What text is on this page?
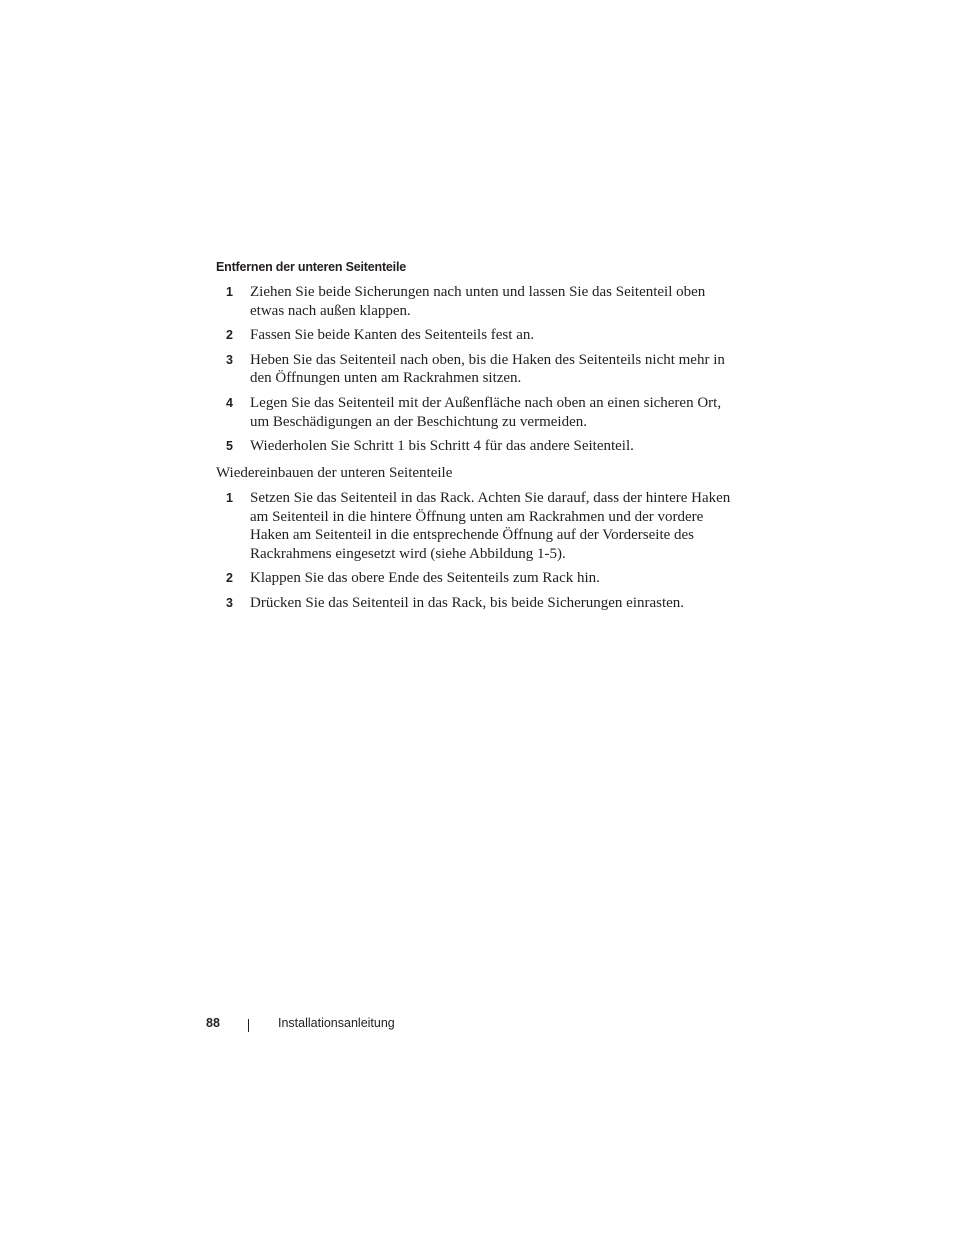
Entfernen der unteren Seitenteile
1 Ziehen Sie beide Sicherungen nach unten und lassen Sie das Seitenteil oben etwas nach außen klappen.
2 Fassen Sie beide Kanten des Seitenteils fest an.
3 Heben Sie das Seitenteil nach oben, bis die Haken des Seitenteils nicht mehr in den Öffnungen unten am Rackrahmen sitzen.
4 Legen Sie das Seitenteil mit der Außenfläche nach oben an einen sicheren Ort, um Beschädigungen an der Beschichtung zu vermeiden.
5 Wiederholen Sie Schritt 1 bis Schritt 4 für das andere Seitenteil.

Wiedereinbauen der unteren Seitenteile

1 Setzen Sie das Seitenteil in das Rack. Achten Sie darauf, dass der hintere Haken am Seitenteil in die hintere Öffnung unten am Rackrahmen und der vordere Haken am Seitenteil in die entsprechende Öffnung auf der Vorderseite des Rackrahmens eingesetzt wird (siehe Abbildung 1-5).
2 Klappen Sie das obere Ende des Seitenteils zum Rack hin.
3 Drücken Sie das Seitenteil in das Rack, bis beide Sicherungen einrasten.
88	Installationsanleitung
